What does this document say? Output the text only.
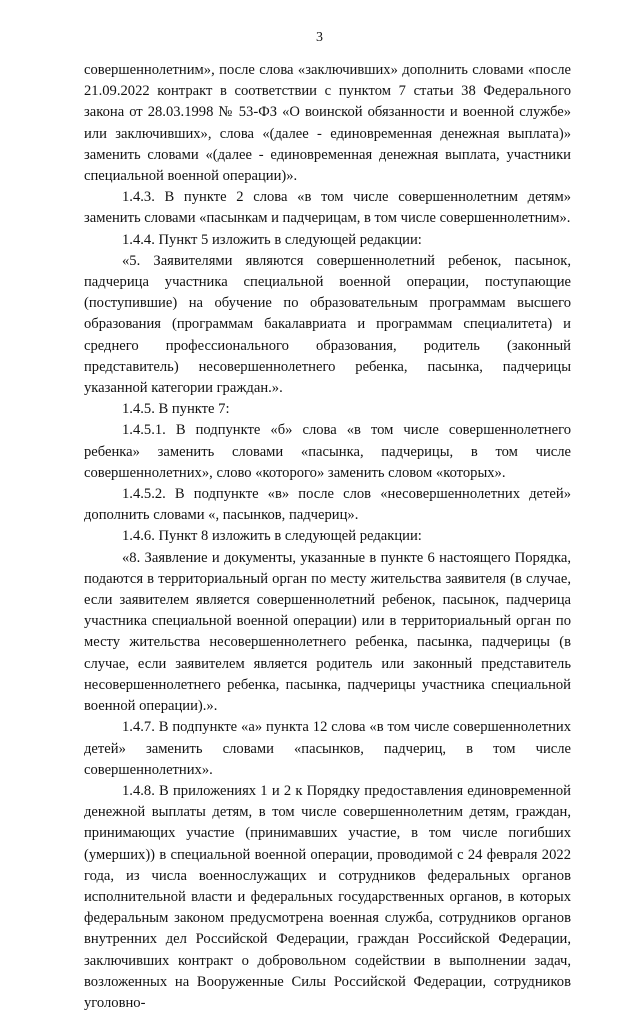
3

совершеннолетним», после слова «заключивших» дополнить словами «после 21.09.2022 контракт в соответствии с пунктом 7 статьи 38 Федерального закона от 28.03.1998 № 53-ФЗ «О воинской обязанности и военной службе» или заключивших», слова «(далее - единовременная денежная выплата)» заменить словами «(далее - единовременная денежная выплата, участники специальной военной операции)».

1.4.3. В пункте 2 слова «в том числе совершеннолетним детям» заменить словами «пасынкам и падчерицам, в том числе совершеннолетним».

1.4.4. Пункт 5 изложить в следующей редакции:

«5. Заявителями являются совершеннолетний ребенок, пасынок, падчерица участника специальной военной операции, поступающие (поступившие) на обучение по образовательным программам высшего образования (программам бакалавриата и программам специалитета) и среднего профессионального образования, родитель (законный представитель) несовершеннолетнего ребенка, пасынка, падчерицы указанной категории граждан.».

1.4.5. В пункте 7:

1.4.5.1. В подпункте «б» слова «в том числе совершеннолетнего ребенка» заменить словами «пасынка, падчерицы, в том числе совершеннолетних», слово «которого» заменить словом «которых».

1.4.5.2. В подпункте «в» после слов «несовершеннолетних детей» дополнить словами «, пасынков, падчериц».

1.4.6. Пункт 8 изложить в следующей редакции:

«8. Заявление и документы, указанные в пункте 6 настоящего Порядка, подаются в территориальный орган по месту жительства заявителя (в случае, если заявителем является совершеннолетний ребенок, пасынок, падчерица участника специальной военной операции) или в территориальный орган по месту жительства несовершеннолетнего ребенка, пасынка, падчерицы (в случае, если заявителем является родитель или законный представитель несовершеннолетнего ребенка, пасынка, падчерицы участника специальной военной операции).».

1.4.7. В подпункте «а» пункта 12 слова «в том числе совершеннолетних детей» заменить словами «пасынков, падчериц, в том числе совершеннолетних».

1.4.8. В приложениях 1 и 2 к Порядку предоставления единовременной денежной выплаты детям, в том числе совершеннолетним детям, граждан, принимающих участие (принимавших участие, в том числе погибших (умерших)) в специальной военной операции, проводимой с 24 февраля 2022 года, из числа военнослужащих и сотрудников федеральных органов исполнительной власти и федеральных государственных органов, в которых федеральным законом предусмотрена военная служба, сотрудников органов внутренних дел Российской Федерации, граждан Российской Федерации, заключивших контракт о добровольном содействии в выполнении задач, возложенных на Вооруженные Силы Российской Федерации, сотрудников уголовно-
